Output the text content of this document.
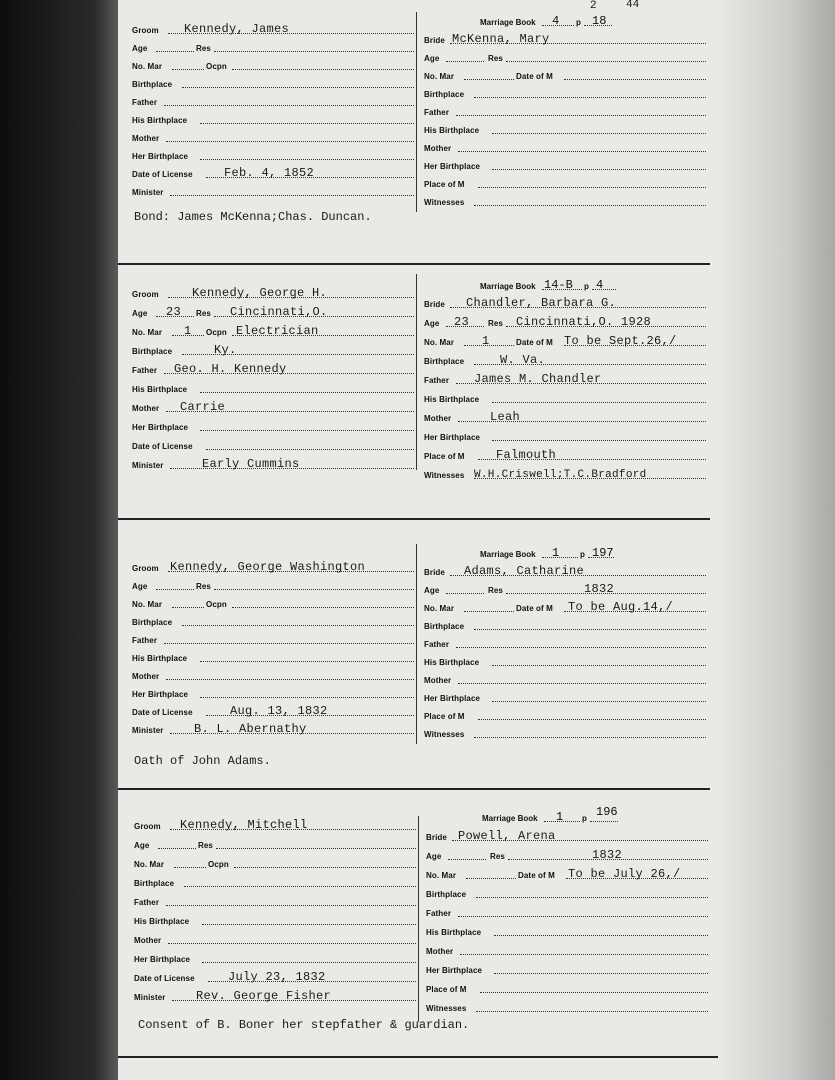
2	44
Groom Kennedy, James
Age	Res
No. Mar	Ocpn
Birthplace
Father
His Birthplace
Mother
Her Birthplace
Date of License	Feb. 4, 1852
Minister
Bond: James McKenna;Chas. Duncan.
Marriage Book 4 p 18
Bride McKenna, Mary
Age	Res
No. Mar	Date of M
Birthplace
Father
His Birthplace
Mother
Her Birthplace
Place of M
Witnesses
Groom	Kennedy, George H.
Age 23 Res Cincinnati,O.
No. Mar 1 Ocpn Electrician
Birthplace	Ky.
Father Geo. H. Kennedy
His Birthplace
Mother Carrie
Her Birthplace
Date of License
Minister	Early Cummins
Marriage Book 14-B p 4
Bride Chandler, Barbara G.
Age 23 Res Cincinnati,O. 1928
No. Mar 1	Date of M To be Sept.26,/
Birthplace	W. Va.
Father James M. Chandler
His Birthplace
Mother	Leah
Her Birthplace
Place of M	Falmouth
Witnesses W.H.Criswell;T.C.Bradford
Groom Kennedy, George Washington
Age	Res
No. Mar	Ocpn
Birthplace
Father
His Birthplace
Mother
Her Birthplace
Date of License	Aug. 13, 1832
Minister	B. L. Abernathy
Oath of John Adams.
Marriage Book 1	p 197
Bride Adams, Catharine
Age	Res	1832
No. Mar	Date of M To be Aug.14,/
Birthplace
Father
His Birthplace
Mother
Her Birthplace
Place of M
Witnesses
Groom Kennedy, Mitchell
Age	Res
No. Mar	Ocpn
Birthplace
Father
His Birthplace
Mother
Her Birthplace
Date of License	July 23, 1832
Minister	Rev. George Fisher
Consent of B. Boner her stepfather & guardian.
Marriage Book 1 p 196
Bride Powell, Arena
Age	Res	1832
No. Mar	Date of M To be July 26,/
Birthplace
Father
His Birthplace
Mother
Her Birthplace
Place of M
Witnesses
